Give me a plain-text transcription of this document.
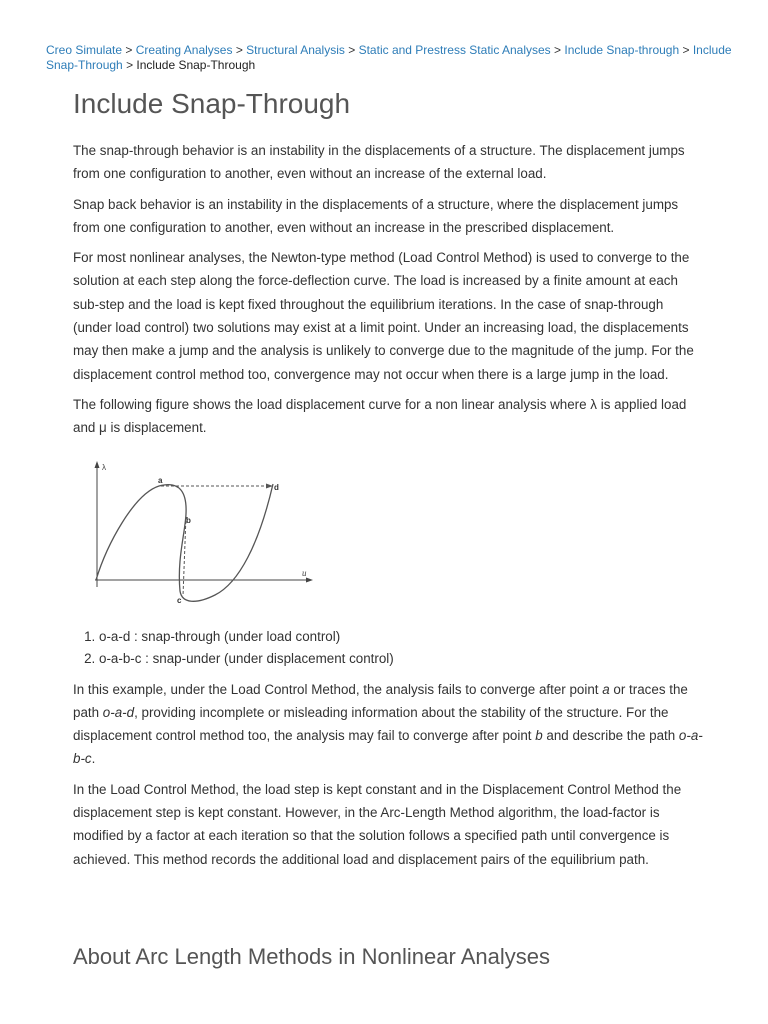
Creo Simulate > Creating Analyses > Structural Analysis > Static and Prestress Static Analyses > Include Snap-through > Include Snap-Through > Include Snap-Through
Include Snap-Through

The snap-through behavior is an instability in the displacements of a structure. The displacement jumps from one configuration to another, even without an increase of the external load.

Snap back behavior is an instability in the displacements of a structure, where the displacement jumps from one configuration to another, even without an increase in the prescribed displacement.

For most nonlinear analyses, the Newton-type method (Load Control Method) is used to converge to the solution at each step along the force-deflection curve. The load is increased by a finite amount at each sub-step and the load is kept fixed throughout the equilibrium iterations. In the case of snap-through (under load control) two solutions may exist at a limit point. Under an increasing load, the displacements may then make a jump and the analysis is unlikely to converge due to the magnitude of the jump. For the displacement control method too, convergence may not occur when there is a large jump in the load.

The following figure shows the load displacement curve for a non linear analysis where λ is applied load and μ is displacement.

λ
u
a
b
c
d
1. o-a-d : snap-through (under load control)
2. o-a-b-c : snap-under (under displacement control)

In this example, under the Load Control Method, the analysis fails to converge after point a or traces the path o-a-d, providing incomplete or misleading information about the stability of the structure. For the displacement control method too, the analysis may fail to converge after point b and describe the path o-a-b-c.

In the Load Control Method, the load step is kept constant and in the Displacement Control Method the displacement step is kept constant. However, in the Arc-Length Method algorithm, the load-factor is modified by a factor at each iteration so that the solution follows a specified path until convergence is achieved. This method records the additional load and displacement pairs of the equilibrium path.

About Arc Length Methods in Nonlinear Analyses
